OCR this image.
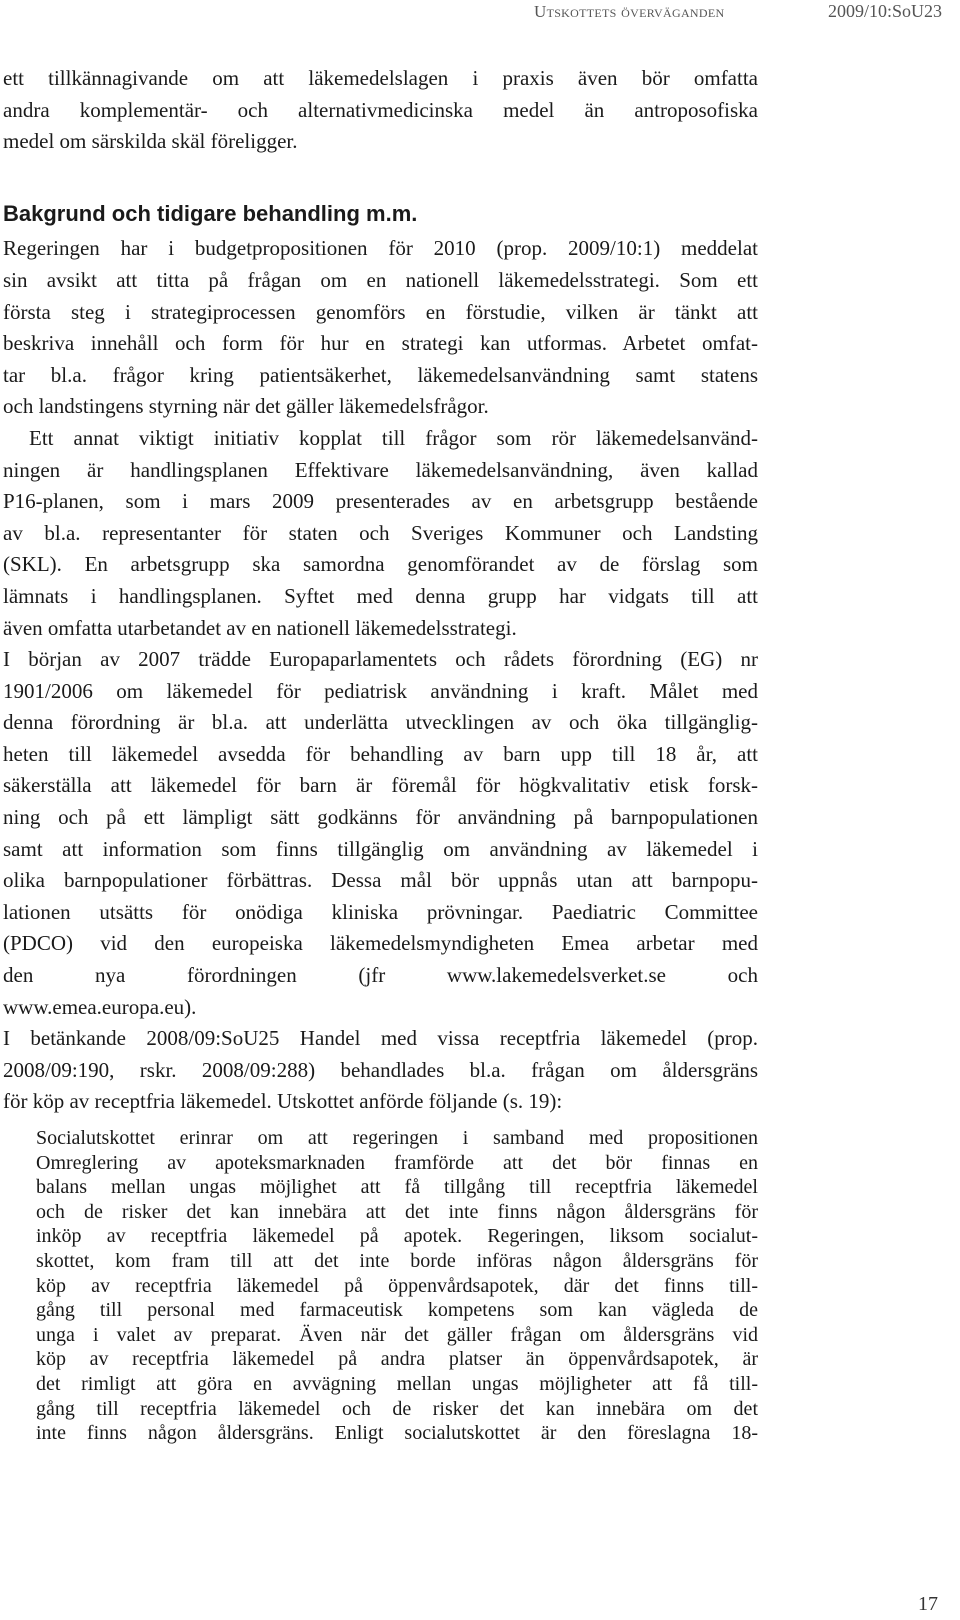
Utskottets överväganden	2009/10:SoU23

ett tillkännagivande om att läkemedelslagen i praxis även bör omfatta
andra komplementär- och alternativmedicinska medel än antroposofiska
medel om särskilda skäl föreligger.

Bakgrund och tidigare behandling m.m.

Regeringen har i budgetpropositionen för 2010 (prop. 2009/10:1) meddelat
sin avsikt att titta på frågan om en nationell läkemedelsstrategi. Som ett
första steg i strategiprocessen genomförs en förstudie, vilken är tänkt att
beskriva innehåll och form för hur en strategi kan utformas. Arbetet omfat-
tar bl.a. frågor kring patientsäkerhet, läkemedelsanvändning samt statens
och landstingens styrning när det gäller läkemedelsfrågor.

Ett annat viktigt initiativ kopplat till frågor som rör läkemedelsanvänd-
ningen är handlingsplanen Effektivare läkemedelsanvändning, även kallad
P16-planen, som i mars 2009 presenterades av en arbetsgrupp bestående
av bl.a. representanter för staten och Sveriges Kommuner och Landsting
(SKL). En arbetsgrupp ska samordna genomförandet av de förslag som
lämnats i handlingsplanen. Syftet med denna grupp har vidgats till att
även omfatta utarbetandet av en nationell läkemedelsstrategi.

I början av 2007 trädde Europaparlamentets och rådets förordning (EG) nr
1901/2006 om läkemedel för pediatrisk användning i kraft. Målet med
denna förordning är bl.a. att underlätta utvecklingen av och öka tillgänglig-
heten till läkemedel avsedda för behandling av barn upp till 18 år, att
säkerställa att läkemedel för barn är föremål för högkvalitativ etisk forsk-
ning och på ett lämpligt sätt godkänns för användning på barnpopulationen
samt att information som finns tillgänglig om användning av läkemedel i
olika barnpopulationer förbättras. Dessa mål bör uppnås utan att barnpopu-
lationen utsätts för onödiga kliniska prövningar. Paediatric Committee
(PDCO) vid den europeiska läkemedelsmyndigheten Emea arbetar med
den nya förordningen (jfr www.lakemedelsverket.se och
www.emea.europa.eu).

I betänkande 2008/09:SoU25 Handel med vissa receptfria läkemedel (prop.
2008/09:190, rskr. 2008/09:288) behandlades bl.a. frågan om åldersgräns
för köp av receptfria läkemedel. Utskottet anförde följande (s. 19):

Socialutskottet erinrar om att regeringen i samband med propositionen
Omreglering av apoteksmarknaden framförde att det bör finnas en
balans mellan ungas möjlighet att få tillgång till receptfria läkemedel
och de risker det kan innebära att det inte finns någon åldersgräns för
inköp av receptfria läkemedel på apotek. Regeringen, liksom socialut-
skottet, kom fram till att det inte borde införas någon åldersgräns för
köp av receptfria läkemedel på öppenvårdsapotek, där det finns till-
gång till personal med farmaceutisk kompetens som kan vägleda de
unga i valet av preparat. Även när det gäller frågan om åldersgräns vid
köp av receptfria läkemedel på andra platser än öppenvårdsapotek, är
det rimligt att göra en avvägning mellan ungas möjligheter att få till-
gång till receptfria läkemedel och de risker det kan innebära om det
inte finns någon åldersgräns. Enligt socialutskottet är den föreslagna 18-
17
